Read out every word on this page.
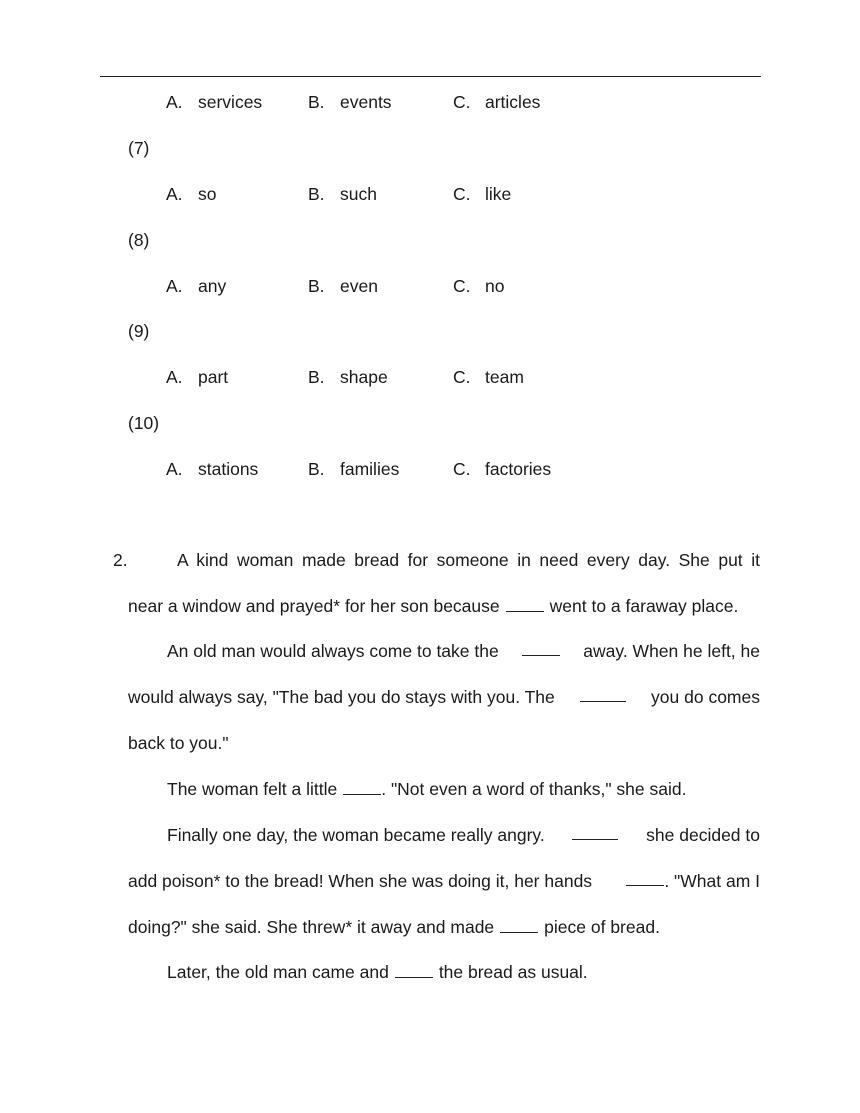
A. services	B. events	C. articles
(7)
A. so	B. such	C. like
(8)
A. any	B. even	C. no
(9)
A. part	B. shape	C. team
(10)
A. stations	B. families	C. factories
2.	A kind woman made bread for someone in need every day. She put it
near a window and prayed* for her son because	went to a faraway place.
An old man would always come to take the	away. When he left, he
would always say, "The bad you do stays with you. The	you do comes
back to you."
The woman felt a little	. "Not even a word of thanks," she said.
Finally one day, the woman became really angry.	she decided to
add poison* to the bread! When she was doing it, her hands	. "What am I
doing?" she said. She threw* it away and made	piece of bread.
Later, the old man came and	the bread as usual.
